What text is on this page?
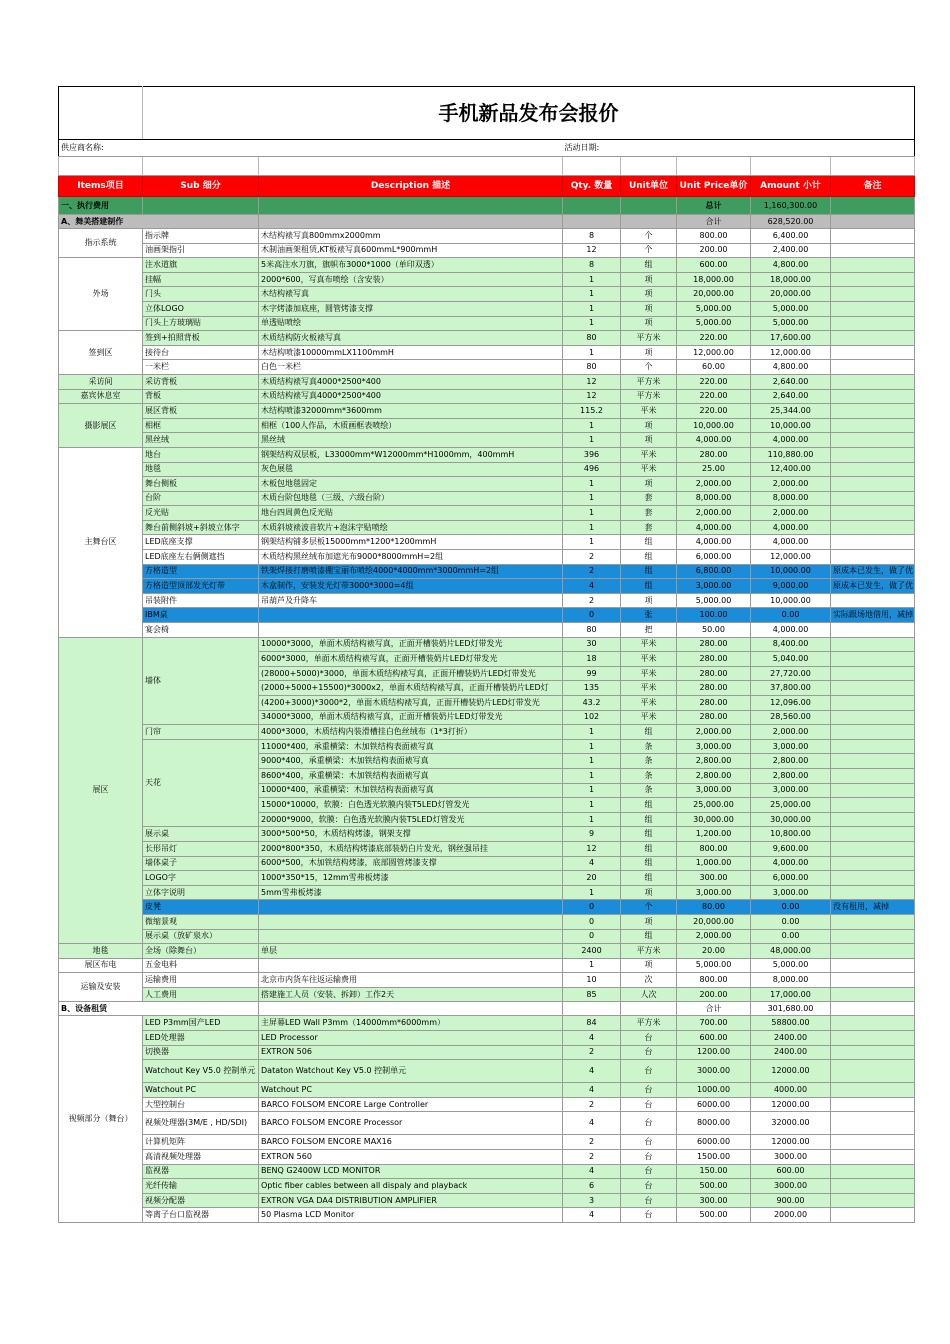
	手机新品发布会报价						
供应商名称:			活动日期:				

Items项目	Sub 细分	Description 描述	Qty. 数量	Unit单位	Unit Price单价	Amount 小计	备注
一、执行费用					总计	1,160,300.00	
A、舞美搭建制作					合计	628,520.00	
指示系统	指示牌	木结构裱写真800mmx2000mm	8	个	800.00	6,400.00	
	油画架指引	木制油画架租赁,KT板裱写真600mmL*900mmH	12	个	200.00	2,400.00	
外场	注水道旗	5米高注水刀旗，旗帜布3000*1000（单印双透）	8	组	600.00	4,800.00	
	挂幅	2000*600，写真布喷绘（含安装）	1	项	18,000.00	18,000.00	
	门头	木结构裱写真	1	项	20,000.00	20,000.00	
	立体LOGO	木字烤漆加底座，圆管烤漆支撑	1	项	5,000.00	5,000.00	
	门头上方玻璃贴	单透贴喷绘	1	项	5,000.00	5,000.00	
签到区	签到+拍照背板	木质结构防火板裱写真	80	平方米	220.00	17,600.00	
	接待台	木结构喷漆10000mmLX1100mmH	1	项	12,000.00	12,000.00	
	一米栏	白色一米栏	80	个	60.00	4,800.00	
采访间	采访背板	木质结构裱写真4000*2500*400	12	平方米	220.00	2,640.00	
嘉宾休息室	背板	木质结构裱写真4000*2500*400	12	平方米	220.00	2,640.00	
摄影展区	展区背板	木结构喷漆32000mm*3600mm	115.2	平米	220.00	25,344.00	
	相框	相框（100人作品，木质画框表喷绘）	1	项	10,000.00	10,000.00	
	黑丝绒	黑丝绒	1	项	4,000.00	4,000.00	
主舞台区	地台	钢架结构双层板，L33000mm*W12000mm*H1000mm，400mmH	396	平米	280.00	110,880.00	
	地毯	灰色展毯	496	平米	25.00	12,400.00	
	舞台侧板	木板包地毯固定	1	项	2,000.00	2,000.00	
	台阶	木质台阶包地毯（三级、六级台阶）	1	套	8,000.00	8,000.00	
	反光贴	地台四周黄色反光贴	1	套	2,000.00	2,000.00	
	舞台前侧斜坡+斜坡立体字	木质斜坡裱波音软片+泡沫字贴喷绘	1	套	4,000.00	4,000.00	
	LED底座支撑	钢架结构铺多层板15000mm*1200*1200mmH	1	组	4,000.00	4,000.00	
	LED底座左右俩侧遮挡	木质结构黑丝绒布加遮光布9000*8000mmH=2组	2	组	6,000.00	12,000.00	
	方格造型	铁架焊接打磨喷漆棚宝丽布喷绘4000*4000mm*3000mmH=2组	2	组	6,800.00	10,000.00	原成本已发生，做了优
	方格造型顶部发光灯带	木盒制作，安装发光灯带3000*3000=4组	4	组	3,000.00	9,000.00	原成本已发生，做了优
	吊装附件	吊葫芦及升降车	2	项	5,000.00	10,000.00	
	IBM桌		0	张	100.00	0.00	实际跟场地借用，减掉
	宴会椅		80	把	50.00	4,000.00	
展区	墙体	10000*3000，单面木质结构裱写真，正面开槽装奶片LED灯带发光	30	平米	280.00	8,400.00	
		6000*3000，单面木质结构裱写真，正面开槽装奶片LED灯带发光	18	平米	280.00	5,040.00	
		(28000+5000)*3000，单面木质结构裱写真，正面开槽装奶片LED灯带发光	99	平米	280.00	27,720.00	
		(2000+5000+15500)*3000x2，单面木质结构裱写真，正面开槽装奶片LED灯	135	平米	280.00	37,800.00	
		(4200+3000)*3000*2，单面木质结构裱写真，正面开槽装奶片LED灯带发光	43.2	平米	280.00	12,096.00	
		34000*3000，单面木质结构裱写真，正面开槽装奶片LED灯带发光	102	平米	280.00	28,560.00	
	门帘	4000*3000，木质结构内装滑槽挂白色丝绒布（1*3打折）	1	组	2,000.00	2,000.00	
	天花	11000*400，承重横梁：木加铁结构表面裱写真	1	条	3,000.00	3,000.00	
		9000*400，承重横梁：木加铁结构表面裱写真	1	条	2,800.00	2,800.00	
		8600*400，承重横梁：木加铁结构表面裱写真	1	条	2,800.00	2,800.00	
		10000*400，承重横梁：木加铁结构表面裱写真	1	条	3,000.00	3,000.00	
		15000*10000，软膜：白色透光软膜内装T5LED灯管发光	1	组	25,000.00	25,000.00	
		20000*9000，软膜：白色透光软膜内装T5LED灯管发光	1	组	30,000.00	30,000.00	
	展示桌	3000*500*50，木质结构烤漆，钢架支撑	9	组	1,200.00	10,800.00	
	长形吊灯	2000*800*350，木质结构烤漆底部装奶白片发光，钢丝强吊挂	12	组	800.00	9,600.00	
	墙体桌子	6000*500，木加铁结构烤漆，底部圆管烤漆支撑	4	组	1,000.00	4,000.00	
	LOGO字	1000*350*15，12mm雪弗板烤漆	20	组	300.00	6,000.00	
	立体字说明	5mm雪弗板烤漆	1	项	3,000.00	3,000.00	
	皮凳		0	个	80.00	0.00	没有租用，减掉
	微缩景观		0	项	20,000.00	0.00	
	展示桌（放矿泉水）		0	组	2,000.00	0.00	
地毯	全场（除舞台）	单层	2400	平方米	20.00	48,000.00	
展区布电	五金电料		1	项	5,000.00	5,000.00	
运输及安装	运输费用	北京市内货车往返运输费用	10	次	800.00	8,000.00	
	人工费用	搭建施工人员（安装、拆卸）工作2天	85	人次	200.00	17,000.00	
B、设备租赁					合计	301,680.00	
视频部分（舞台）	LED P3mm国产LED	主屏幕LED Wall P3mm（14000mm*6000mm）	84	平方米	700.00	58800.00	
	LED处理器	LED Processor	4	台	600.00	2400.00	
	切换器	EXTRON 506	2	台	1200.00	2400.00	
	Watchout Key V5.0 控制单元	Dataton Watchout Key V5.0 控制单元	4	台	3000.00	12000.00	
	Watchout PC	Watchout PC	4	台	1000.00	4000.00	
	大型控制台	BARCO FOLSOM ENCORE Large Controller	2	台	6000.00	12000.00	
	视频处理器(3M/E , HD/SDI)	BARCO FOLSOM ENCORE Processor	4	台	8000.00	32000.00	
	计算机矩阵	BARCO FOLSOM ENCORE MAX16	2	台	6000.00	12000.00	
	高清视频处理器	EXTRON 560	2	台	1500.00	3000.00	
	监视器	BENQ G2400W LCD MONITOR	4	台	150.00	600.00	
	光纤传输	Optic fiber cables between all dispaly and playback	6	台	500.00	3000.00	
	视频分配器	EXTRON VGA DA4 DISTRIBUTION AMPLIFIER	3	台	300.00	900.00	
	等离子台口监视器	50 Plasma LCD Monitor	4	台	500.00	2000.00	
